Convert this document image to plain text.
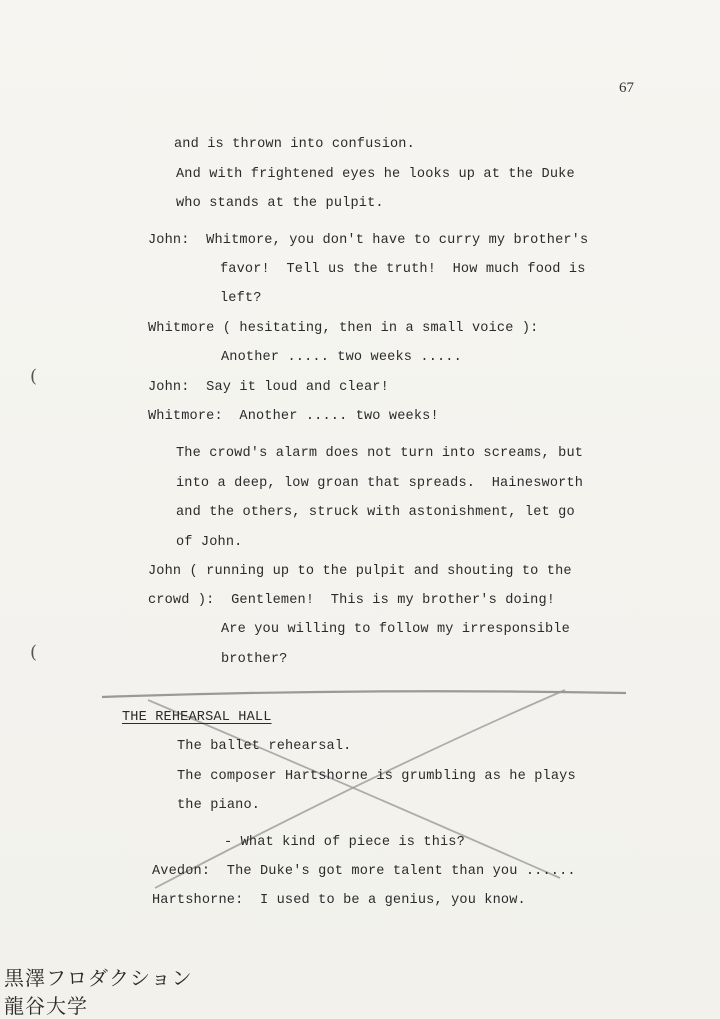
67
and is thrown into confusion.
And with frightened eyes he looks up at the Duke
who stands at the pulpit.
John:  Whitmore, you don't have to curry my brother's
favor!  Tell us the truth!  How much food is
left?
Whitmore ( hesitating, then in a small voice ):
Another ..... two weeks .....
John:  Say it loud and clear!
Whitmore:  Another ..... two weeks!
The crowd's alarm does not turn into screams, but
into a deep, low groan that spreads.  Hainesworth
and the others, struck with astonishment, let go
of John.
John ( running up to the pulpit and shouting to the
crowd ):  Gentlemen!  This is my brother's doing!
Are you willing to follow my irresponsible
brother?
THE REHEARSAL HALL
The ballet rehearsal.
The composer Hartshorne is grumbling as he plays
the piano.
- What kind of piece is this?
Avedon:  The Duke's got more talent than you ......
Hartshorne:  I used to be a genius, you know.
(
(
黒澤フロダクション
龍谷大学
